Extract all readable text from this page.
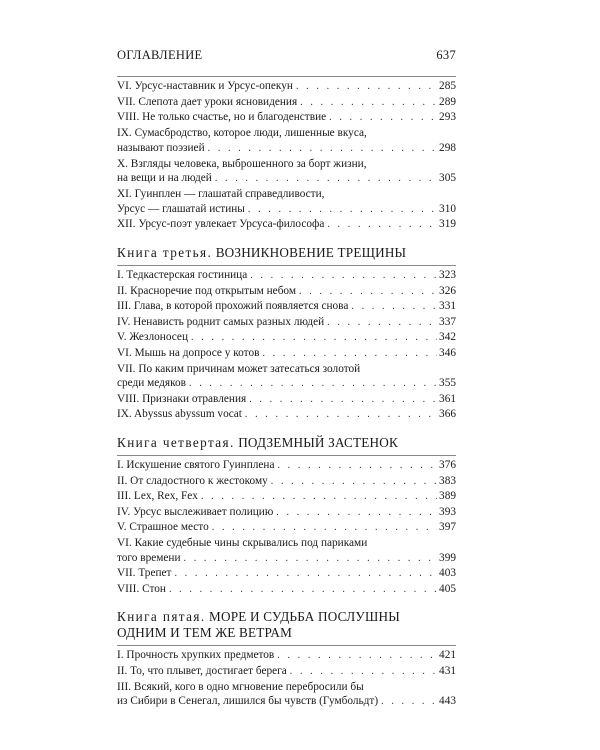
ОГЛАВЛЕНИЕ	637
VI. Урсус-наставник и Урсус-опекун . . .	285
VII. Слепота дает уроки ясновидения . . .	289
VIII. Не только счастье, но и благоденствие . . .	293
IX. Сумасбродство, которое люди, лишенные вкуса,
называют поэзией . . .	298
X. Взгляды человека, выброшенного за борт жизни,
на вещи и на людей . . .	305
XI. Гуинплен — глашатай справедливости,
Урсус — глашатай истины . . .	310
XII. Урсус-поэт увлекает Урсуса-философа . . .	319
Книга третья. ВОЗНИКНОВЕНИЕ ТРЕЩИНЫ
I. Тедкастерская гостиница . . .	323
II. Красноречие под открытым небом . . .	326
III. Глава, в которой прохожий появляется снова . . .	331
IV. Ненависть роднит самых разных людей . . .	337
V. Жезлоносец . . .	342
VI. Мышь на допросе у котов . . .	346
VII. По каким причинам может затесаться золотой
среди медяков . . .	355
VIII. Признаки отравления . . .	361
IX. Abyssus abyssum vocat . . .	366
Книга четвертая. ПОДЗЕМНЫЙ ЗАСТЕНОК
I. Искушение святого Гуинплена . . .	376
II. От сладостного к жестокому . . .	383
III. Lex, Rex, Fex . . .	389
IV. Урсус выслеживает полицию . . .	393
V. Страшное место . . .	397
VI. Какие судебные чины скрывались под париками
того времени . . .	399
VII. Трепет . . .	403
VIII. Стон . . .	405
Книга пятая. МОРЕ И СУДЬБА ПОСЛУШНЫ
ОДНИМ И ТЕМ ЖЕ ВЕТРАМ
I. Прочность хрупких предметов . . .	421
II. То, что плывет, достигает берега . . .	431
III. Всякий, кого в одно мгновение перебросили бы
из Сибири в Сенегал, лишился бы чувств (Гумбольдт) . . .	443
